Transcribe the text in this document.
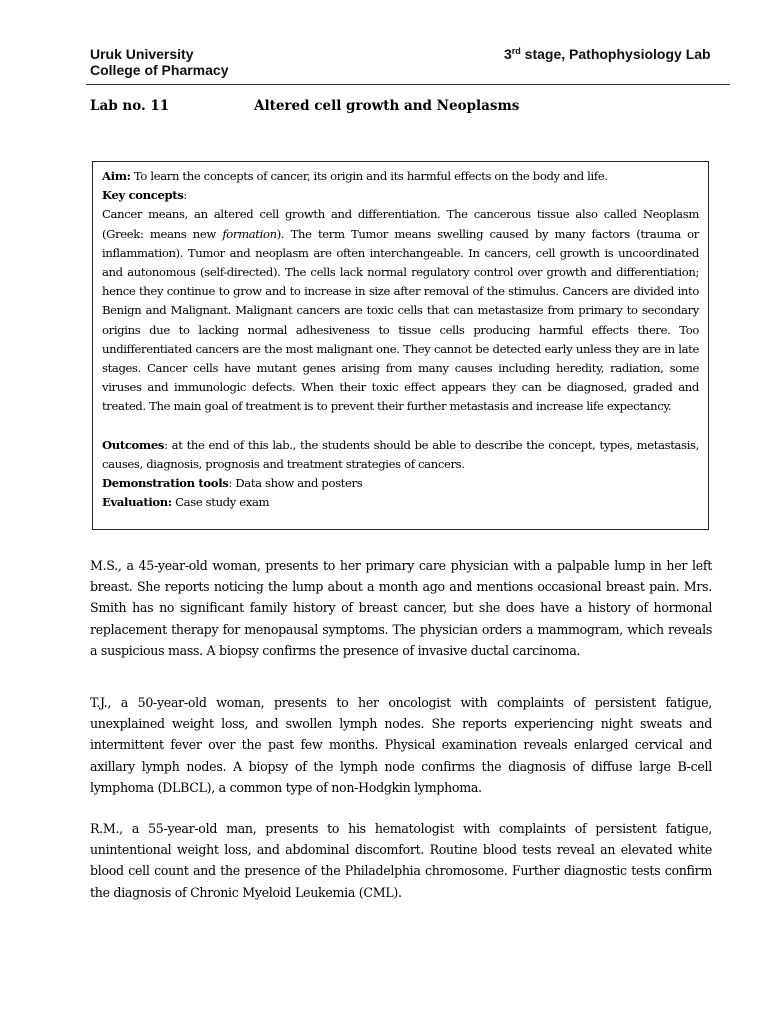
Uruk University
College of Pharmacy
3rd stage, Pathophysiology Lab
Lab no. 11	Altered cell growth and Neoplasms

Aim: To learn the concepts of cancer, its origin and its harmful effects on the body and life.

Key concepts:

Cancer means, an altered cell growth and differentiation. The cancerous tissue also called Neoplasm (Greek: means new formation). The term Tumor means swelling caused by many factors (trauma or inflammation). Tumor and neoplasm are often interchangeable. In cancers, cell growth is uncoordinated and autonomous (self-directed). The cells lack normal regulatory control over growth and differentiation; hence they continue to grow and to increase in size after removal of the stimulus. Cancers are divided into Benign and Malignant. Malignant cancers are toxic cells that can metastasize from primary to secondary origins due to lacking normal adhesiveness to tissue cells producing harmful effects there. Too undifferentiated cancers are the most malignant one. They cannot be detected early unless they are in late stages. Cancer cells have mutant genes arising from many causes including heredity, radiation, some viruses and immunologic defects. When their toxic effect appears they can be diagnosed, graded and treated. The main goal of treatment is to prevent their further metastasis and increase life expectancy.

Outcomes: at the end of this lab., the students should be able to describe the concept, types, metastasis, causes, diagnosis, prognosis and treatment strategies of cancers.

Demonstration tools: Data show and posters

Evaluation: Case study exam

M.S., a 45-year-old woman, presents to her primary care physician with a palpable lump in her left breast. She reports noticing the lump about a month ago and mentions occasional breast pain. Mrs. Smith has no significant family history of breast cancer, but she does have a history of hormonal replacement therapy for menopausal symptoms. The physician orders a mammogram, which reveals a suspicious mass. A biopsy confirms the presence of invasive ductal carcinoma.

T.J., a 50-year-old woman, presents to her oncologist with complaints of persistent fatigue, unexplained weight loss, and swollen lymph nodes. She reports experiencing night sweats and intermittent fever over the past few months. Physical examination reveals enlarged cervical and axillary lymph nodes. A biopsy of the lymph node confirms the diagnosis of diffuse large B-cell lymphoma (DLBCL), a common type of non-Hodgkin lymphoma.

R.M., a 55-year-old man, presents to his hematologist with complaints of persistent fatigue, unintentional weight loss, and abdominal discomfort. Routine blood tests reveal an elevated white blood cell count and the presence of the Philadelphia chromosome. Further diagnostic tests confirm the diagnosis of Chronic Myeloid Leukemia (CML).
